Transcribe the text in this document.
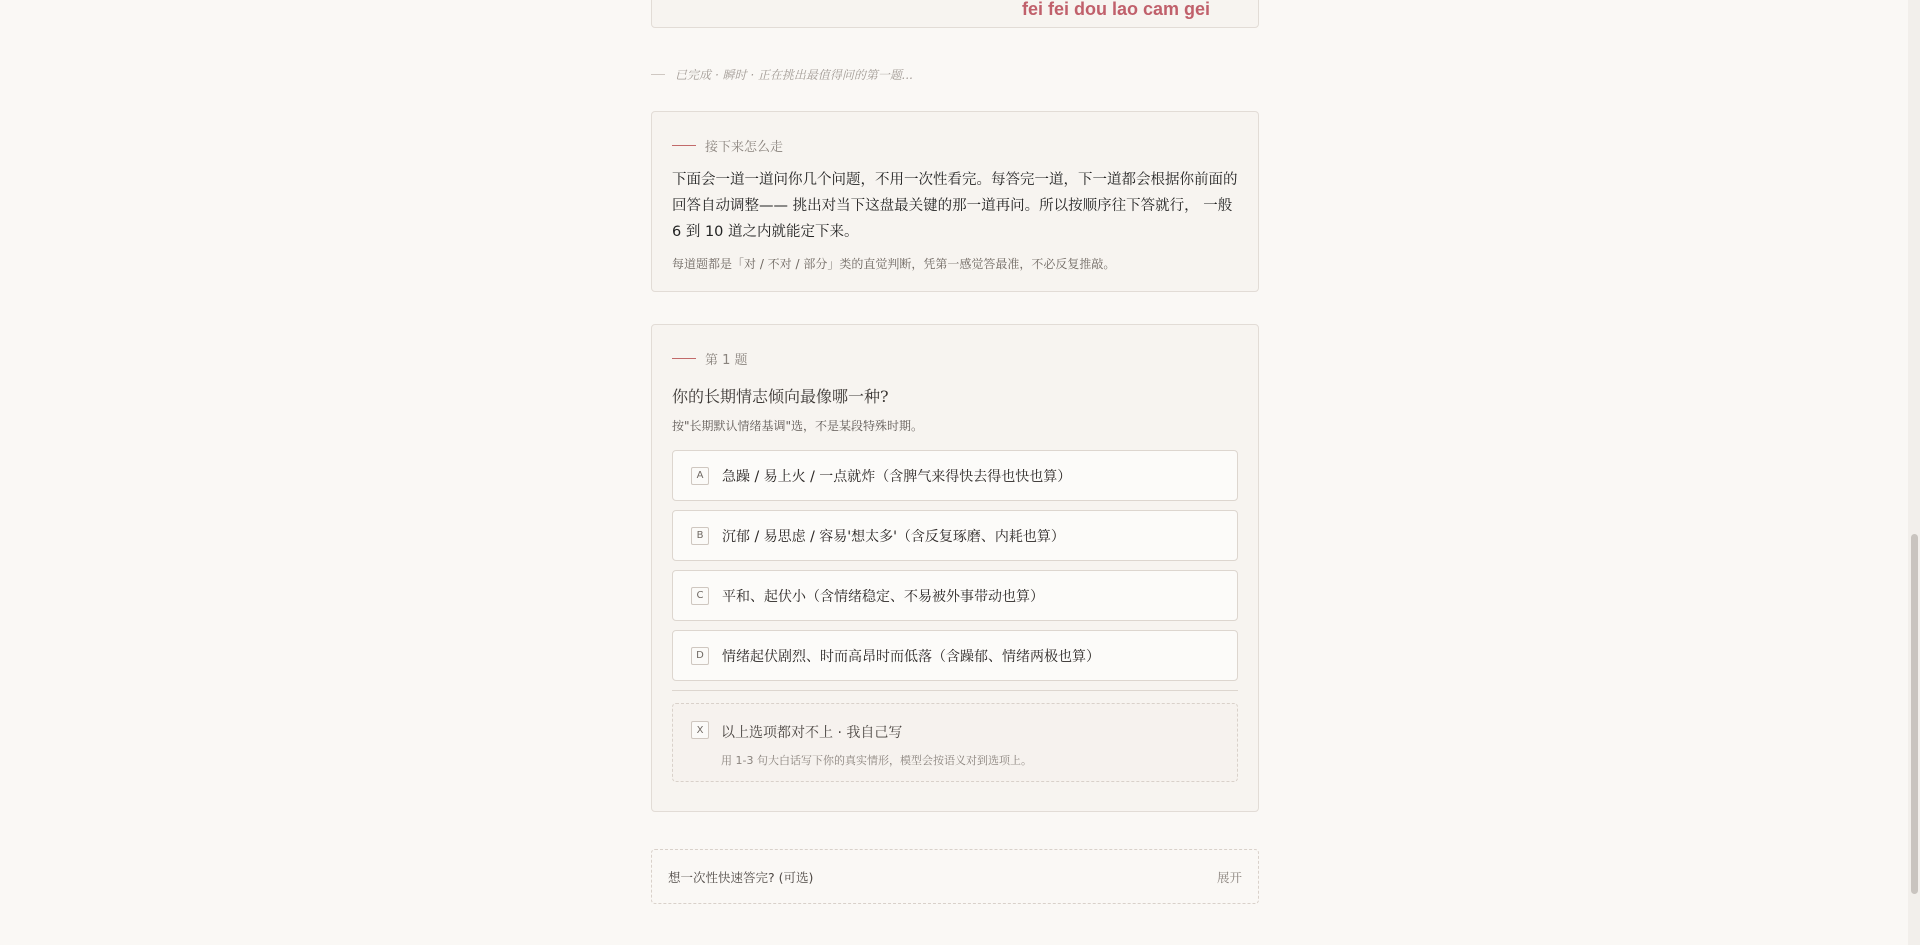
fei fei dou lao cam gei
已完成 · 瞬时 · 正在挑出最值得问的第一题...
接下来怎么走
下面会一道一道问你几个问题，不用一次性看完。每答完一道，下一道都会根据你前面的回答自动调整—— 挑出对当下这盘最关键的那一道再问。所以按顺序往下答就行， 一般 6 到 10 道之内就能定下来。
每道题都是「对 / 不对 / 部分」类的直觉判断，凭第一感觉答最准，不必反复推敲。
第 1 题
你的长期情志倾向最像哪一种?
按"长期默认情绪基调"选，不是某段特殊时期。
A	急躁 / 易上火 / 一点就炸（含脾气来得快去得也快也算）
B	沉郁 / 易思虑 / 容易'想太多'（含反复琢磨、内耗也算）
C	平和、起伏小（含情绪稳定、不易被外事带动也算）
D	情绪起伏剧烈、时而高昂时而低落（含躁郁、情绪两极也算）
X	以上选项都对不上 · 我自己写
用 1-3 句大白话写下你的真实情形，模型会按语义对到选项上。
想一次性快速答完? (可选)	展开
